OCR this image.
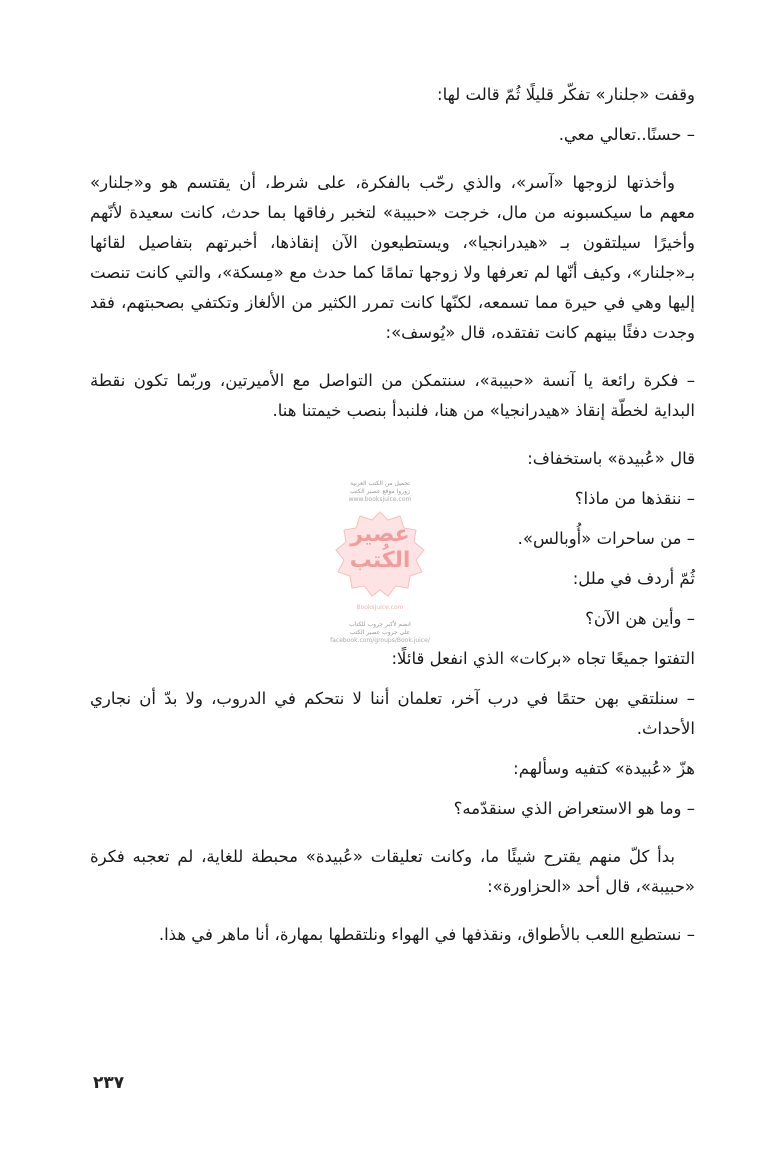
وقفت «جلنار» تفكّر قليلًا ثُمّ قالت لها:

– حسنًا..تعالي معي.

وأخذتها لزوجها «آسر»، والذي رحّب بالفكرة، على شرط، أن يقتسم هو و«جلنار» معهم ما سيكسبونه من مال، خرجت «حبيبة» لتخبر رفاقها بما حدث، كانت سعيدة لأنّهم وأخيرًا سيلتقون بـ «هيدرانجيا»، ويستطيعون الآن إنقاذها، أخبرتهم بتفاصيل لقائها بـ«جلنار»، وكيف أنّها لم تعرفها ولا زوجها تمامًا كما حدث مع «مِسكة»، والتي كانت تنصت إليها وهي في حيرة مما تسمعه، لكنّها كانت تمرر الكثير من الألغاز وتكتفي بصحبتهم، فقد وجدت دفئًا بينهم كانت تفتقده، قال «يُوسف»:

– فكرة رائعة يا آنسة «حبيبة»، سنتمكن من التواصل مع الأميرتين، وربّما تكون نقطة البداية لخطّة إنقاذ «هيدرانجيا» من هنا، فلنبدأ بنصب خيمتنا هنا.

قال «عُبيدة» باستخفاف:

– ننقذها من ماذا؟

– من ساحرات «أُوبالس».

ثُمّ أردف في ملل:

– وأين هن الآن؟

التفتوا جميعًا تجاه «بركات» الذي انفعل قائلًا:

– سنلتقي بهن حتمًا في درب آخر، تعلمان أننا لا نتحكم في الدروب، ولا بدّ أن نجاري الأحداث.

هزّ «عُبيدة» كتفيه وسألهم:

– وما هو الاستعراض الذي سنقدّمه؟

بدأ كلّ منهم يقترح شيئًا ما، وكانت تعليقات «عُبيدة» محبطة للغاية، لم تعجبه فكرة «حبيبة»، قال أحد «الحزاورة»:

– نستطيع اللعب بالأطواق، ونقذفها في الهواء ونلتقطها بمهارة، أنا ماهر في هذا.

تحميل من الكتب العربية
زوروا موقع عصير الكتب
www.booksjuice.com
عصير
الكُتب
BooksJuice.com
انضم لأكبر جروب للكتاب
على جروب عصير الكتب
facebook.com/groups/Book.juice/
٢٣٧
